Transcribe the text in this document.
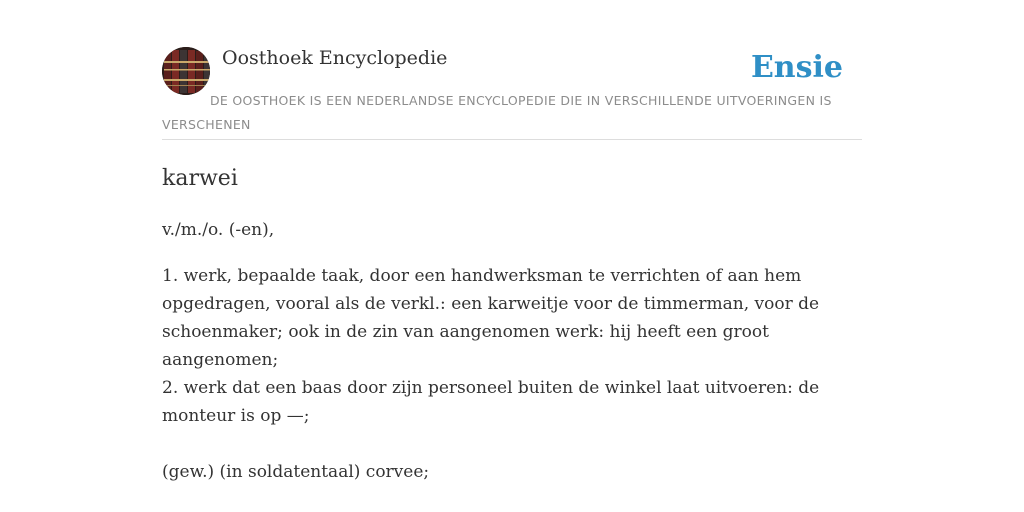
Oosthoek Encyclopedie	Ensie
DE OOSTHOEK IS EEN NEDERLANDSE ENCYCLOPEDIE DIE IN VERSCHILLENDE UITVOERINGEN IS VERSCHENEN
karwei
v./m./o. (-en),

1. werk, bepaalde taak, door een handwerksman te verrichten of aan hem opgedragen, vooral als de verkl.: een karweitje voor de timmerman, voor de schoenmaker; ook in de zin van aangenomen werk: hij heeft een groot aangenomen;

2. werk dat een baas door zijn personeel buiten de winkel laat uitvoeren: de monteur is op —;

(gew.) (in soldatentaal) corvee;
